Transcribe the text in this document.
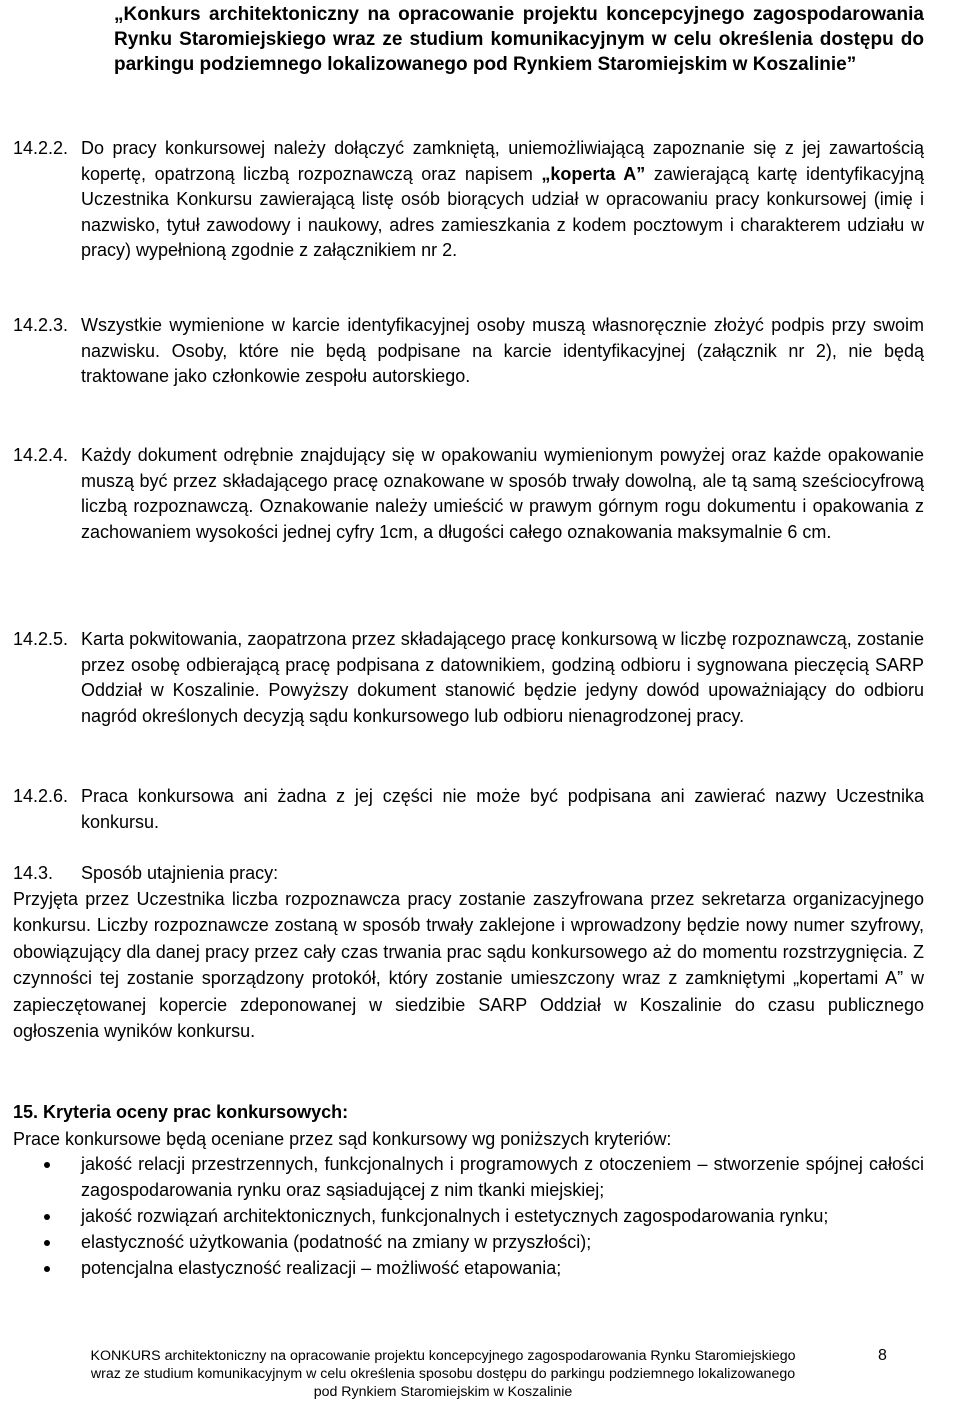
„Konkurs architektoniczny na opracowanie projektu koncepcyjnego zagospodarowania Rynku Staromiejskiego wraz ze studium komunikacyjnym w celu określenia dostępu do parkingu podziemnego lokalizowanego pod Rynkiem Staromiejskim w Koszalinie”
14.2.2. Do pracy konkursowej należy dołączyć zamkniętą, uniemożliwiającą zapoznanie się z jej zawartością kopertę, opatrzoną liczbą rozpoznawczą oraz napisem „koperta A” zawierającą kartę identyfikacyjną Uczestnika Konkursu zawierającą listę osób biorących udział w opracowaniu pracy konkursowej (imię i nazwisko, tytuł zawodowy i naukowy, adres zamieszkania z kodem pocztowym i charakterem udziału w pracy) wypełnioną zgodnie z załącznikiem nr 2.
14.2.3. Wszystkie wymienione w karcie identyfikacyjnej osoby muszą własnoręcznie złożyć podpis przy swoim nazwisku. Osoby, które nie będą podpisane na karcie identyfikacyjnej (załącznik nr 2), nie będą traktowane jako członkowie zespołu autorskiego.
14.2.4. Każdy dokument odrębnie znajdujący się w opakowaniu wymienionym powyżej oraz każde opakowanie muszą być przez składającego pracę oznakowane w sposób trwały dowolną, ale tą samą sześciocyfrową liczbą rozpoznawczą. Oznakowanie należy umieścić w prawym górnym rogu dokumentu i opakowania z zachowaniem wysokości jednej cyfry 1cm, a długości całego oznakowania maksymalnie 6 cm.
14.2.5. Karta pokwitowania, zaopatrzona przez składającego pracę konkursową w liczbę rozpoznawczą, zostanie przez osobę odbierającą pracę podpisana z datownikiem, godziną odbioru i sygnowana pieczęcią SARP Oddział w Koszalinie. Powyższy dokument stanowić będzie jedyny dowód upoważniający do odbioru nagród określonych decyzją sądu konkursowego lub odbioru nienagrodzonej pracy.
14.2.6. Praca konkursowa ani żadna z jej części nie może być podpisana ani zawierać nazwy Uczestnika konkursu.
14.3. Sposób utajnienia pracy:
Przyjęta przez Uczestnika liczba rozpoznawcza pracy zostanie zaszyfrowana przez sekretarza organizacyjnego konkursu. Liczby rozpoznawcze zostaną w sposób trwały zaklejone i wprowadzony będzie nowy numer szyfrowy, obowiązujący dla danej pracy przez cały czas trwania prac sądu konkursowego aż do momentu rozstrzygnięcia. Z czynności tej zostanie sporządzony protokół, który zostanie umieszczony wraz z zamkniętymi „kopertami A” w zapieczętowanej kopercie zdeponowanej w siedzibie SARP Oddział w Koszalinie do czasu publicznego ogłoszenia wyników konkursu.
15. Kryteria oceny prac konkursowych:
Prace konkursowe będą oceniane przez sąd konkursowy wg poniższych kryteriów:
jakość relacji przestrzennych, funkcjonalnych i programowych z otoczeniem – stworzenie spójnej całości zagospodarowania rynku oraz sąsiadującej z nim tkanki miejskiej;
jakość rozwiązań architektonicznych, funkcjonalnych i estetycznych zagospodarowania rynku;
elastyczność użytkowania (podatność na zmiany w przyszłości);
potencjalna elastyczność realizacji – możliwość etapowania;
KONKURS architektoniczny na opracowanie projektu koncepcyjnego zagospodarowania Rynku Staromiejskiego
wraz ze studium komunikacyjnym w celu określenia sposobu dostępu do parkingu podziemnego lokalizowanego
pod Rynkiem Staromiejskim w Koszalinie
8
